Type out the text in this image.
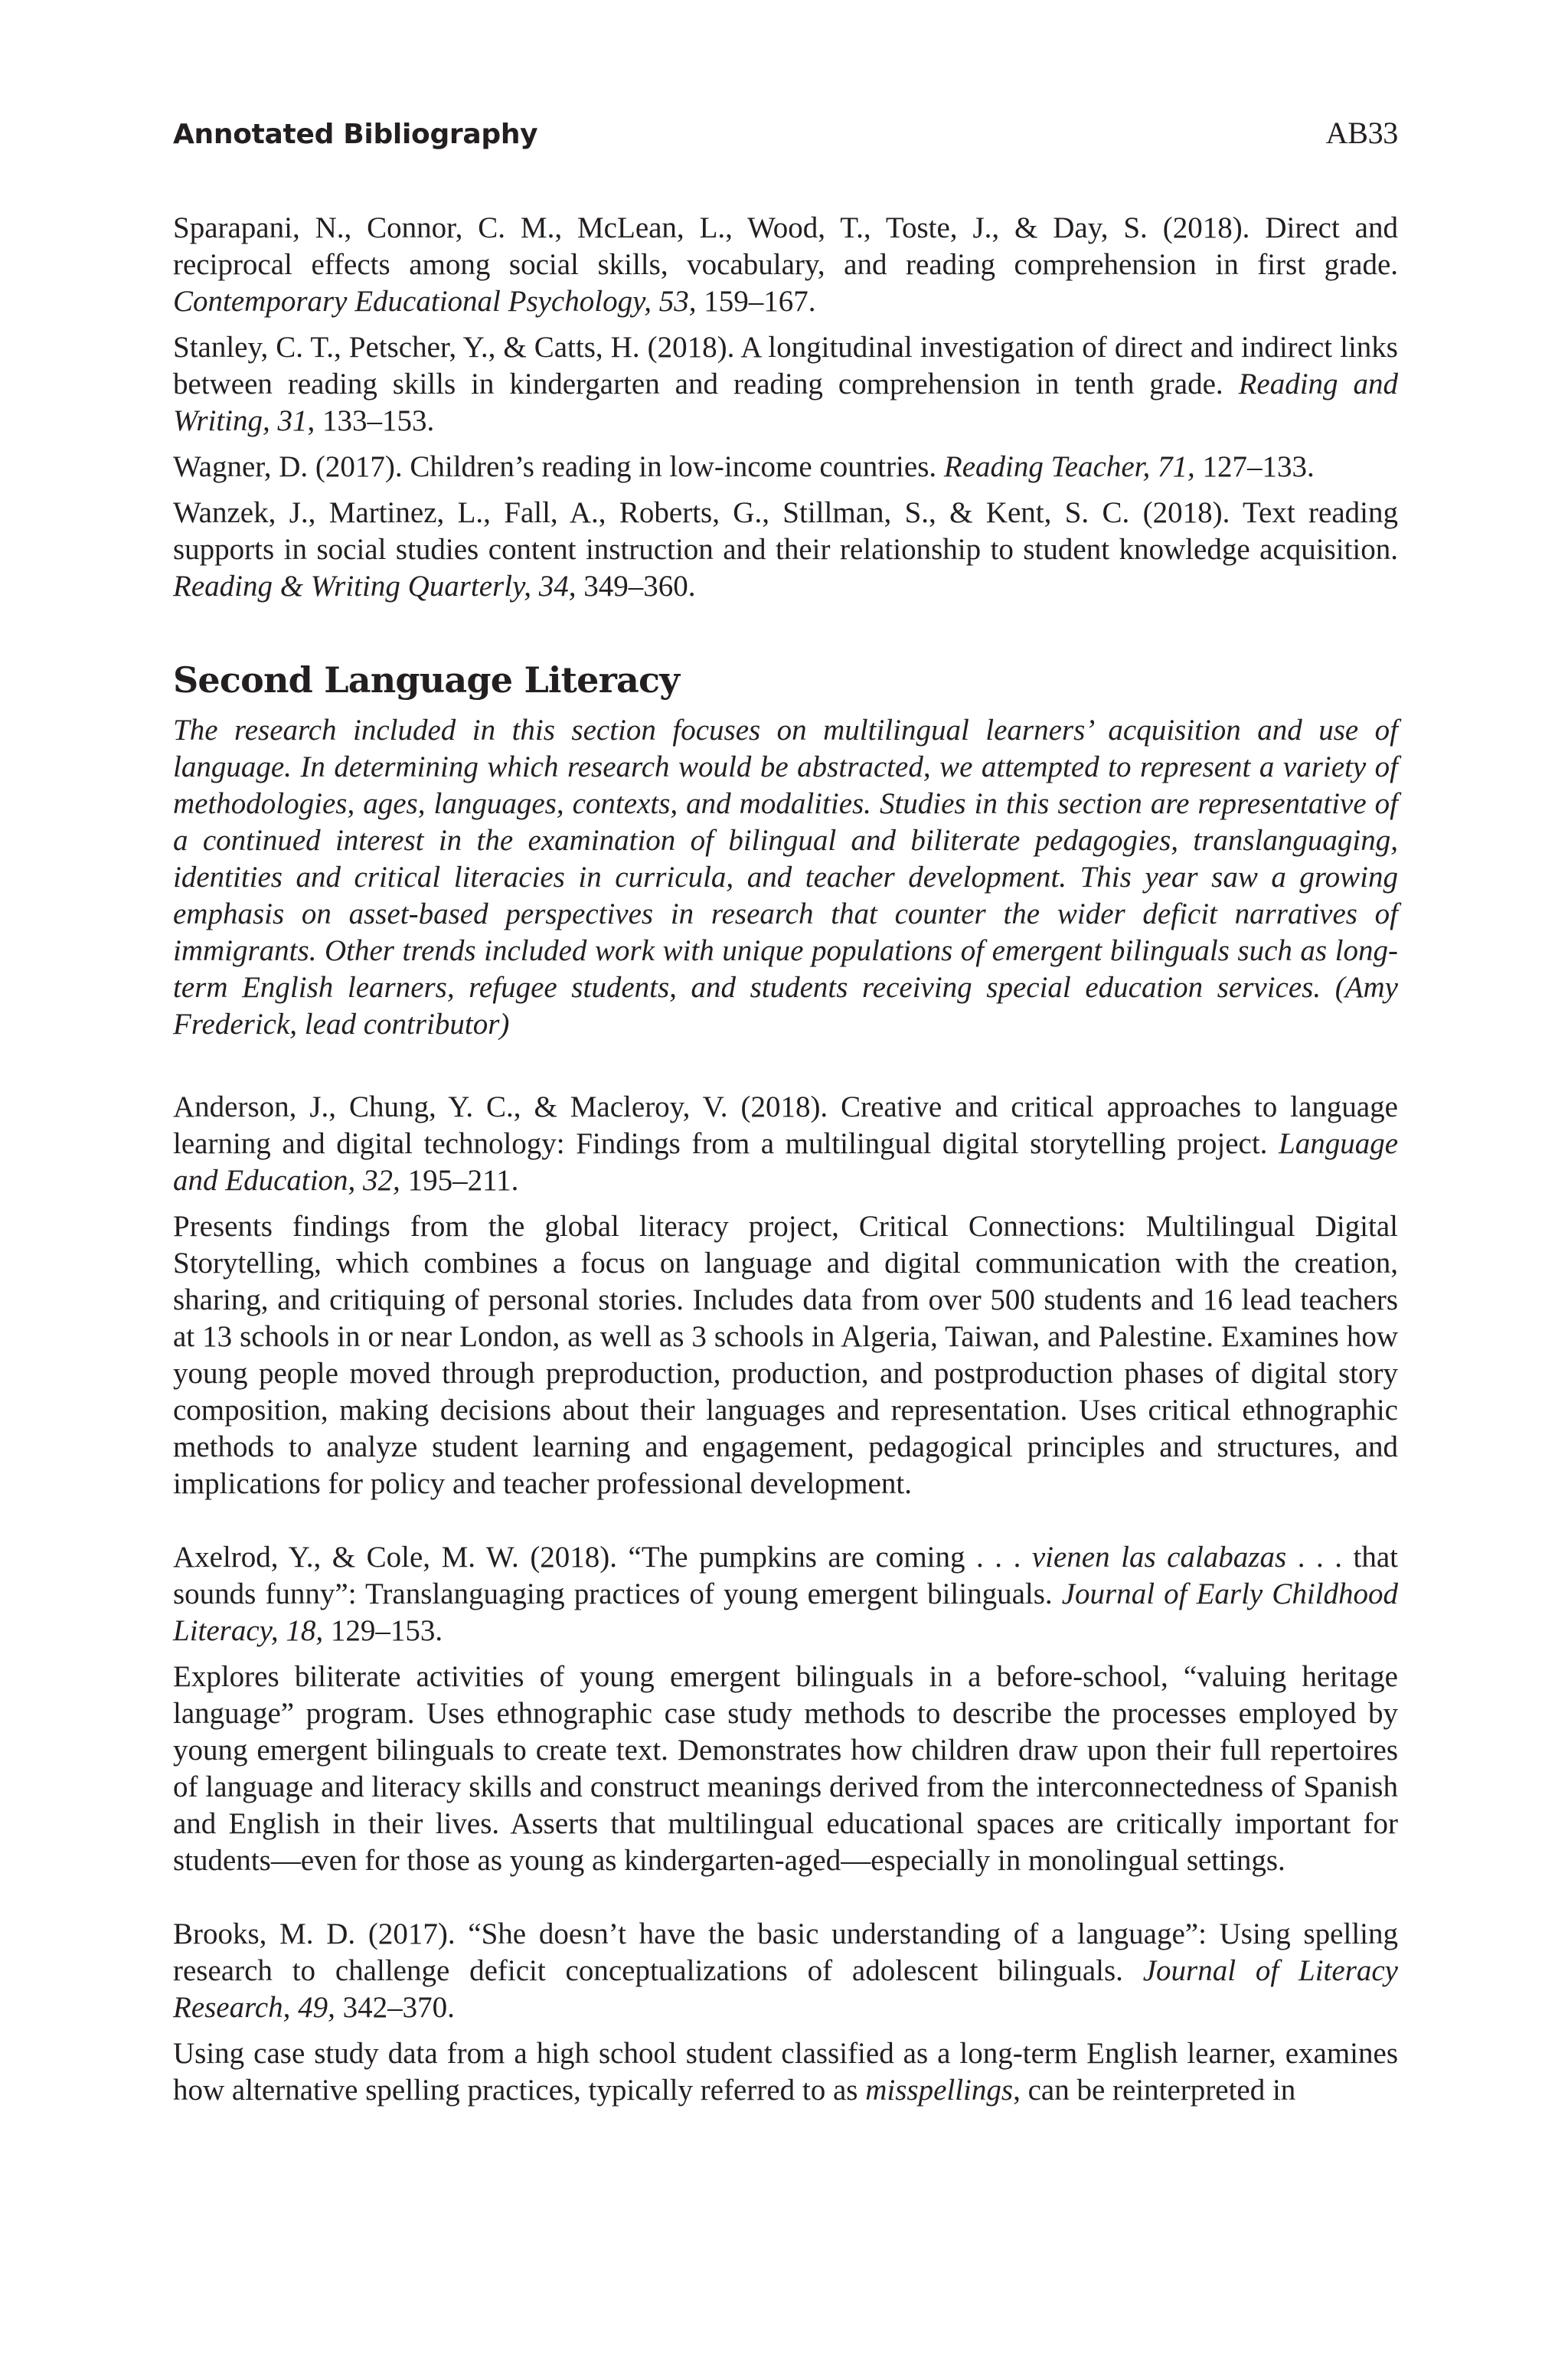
Annotated Bibliography	AB33

Sparapani, N., Connor, C. M., McLean, L., Wood, T., Toste, J., & Day, S. (2018). Direct and reciprocal effects among social skills, vocabulary, and reading comprehension in first grade. Contemporary Educational Psychology, 53, 159–167.

Stanley, C. T., Petscher, Y., & Catts, H. (2018). A longitudinal investigation of direct and indirect links between reading skills in kindergarten and reading comprehension in tenth grade. Reading and Writing, 31, 133–153.

Wagner, D. (2017). Children’s reading in low-income countries. Reading Teacher, 71, 127–133.

Wanzek, J., Martinez, L., Fall, A., Roberts, G., Stillman, S., & Kent, S. C. (2018). Text reading supports in social studies content instruction and their relationship to student knowledge acquisition. Reading & Writing Quarterly, 34, 349–360.

Second Language Literacy

The research included in this section focuses on multilingual learners’ acquisition and use of language. In determining which research would be abstracted, we attempted to represent a variety of methodologies, ages, languages, contexts, and modalities. Studies in this section are representative of a continued interest in the examination of bilingual and biliterate pedagogies, translanguaging, identities and critical literacies in curricula, and teacher development. This year saw a growing emphasis on asset-based perspectives in research that counter the wider deficit narratives of immigrants. Other trends included work with unique populations of emergent bilinguals such as long-term English learners, refugee students, and students receiving special education services. (Amy Frederick, lead contributor)

Anderson, J., Chung, Y. C., & Macleroy, V. (2018). Creative and critical approaches to language learning and digital technology: Findings from a multilingual digital storytelling project. Language and Education, 32, 195–211.

Presents findings from the global literacy project, Critical Connections: Multilingual Digital Storytelling, which combines a focus on language and digital communication with the creation, sharing, and critiquing of personal stories. Includes data from over 500 students and 16 lead teachers at 13 schools in or near London, as well as 3 schools in Algeria, Taiwan, and Palestine. Examines how young people moved through preproduction, production, and postproduction phases of digital story composition, making decisions about their languages and representation. Uses critical ethnographic methods to analyze student learning and engagement, pedagogical principles and structures, and implications for policy and teacher professional development.

Axelrod, Y., & Cole, M. W. (2018). “The pumpkins are coming . . . vienen las calabazas . . . that sounds funny”: Translanguaging practices of young emergent bilinguals. Journal of Early Childhood Literacy, 18, 129–153.

Explores biliterate activities of young emergent bilinguals in a before-school, “valuing heritage language” program. Uses ethnographic case study methods to describe the processes employed by young emergent bilinguals to create text. Demonstrates how children draw upon their full repertoires of language and literacy skills and construct meanings derived from the interconnectedness of Spanish and English in their lives. Asserts that multilingual educational spaces are critically important for students—even for those as young as kindergarten-aged—especially in monolingual settings.

Brooks, M. D. (2017). “She doesn’t have the basic understanding of a language”: Using spelling research to challenge deficit conceptualizations of adolescent bilinguals. Journal of Literacy Research, 49, 342–370.

Using case study data from a high school student classified as a long-term English learner, examines how alternative spelling practices, typically referred to as misspellings, can be reinterpreted in
